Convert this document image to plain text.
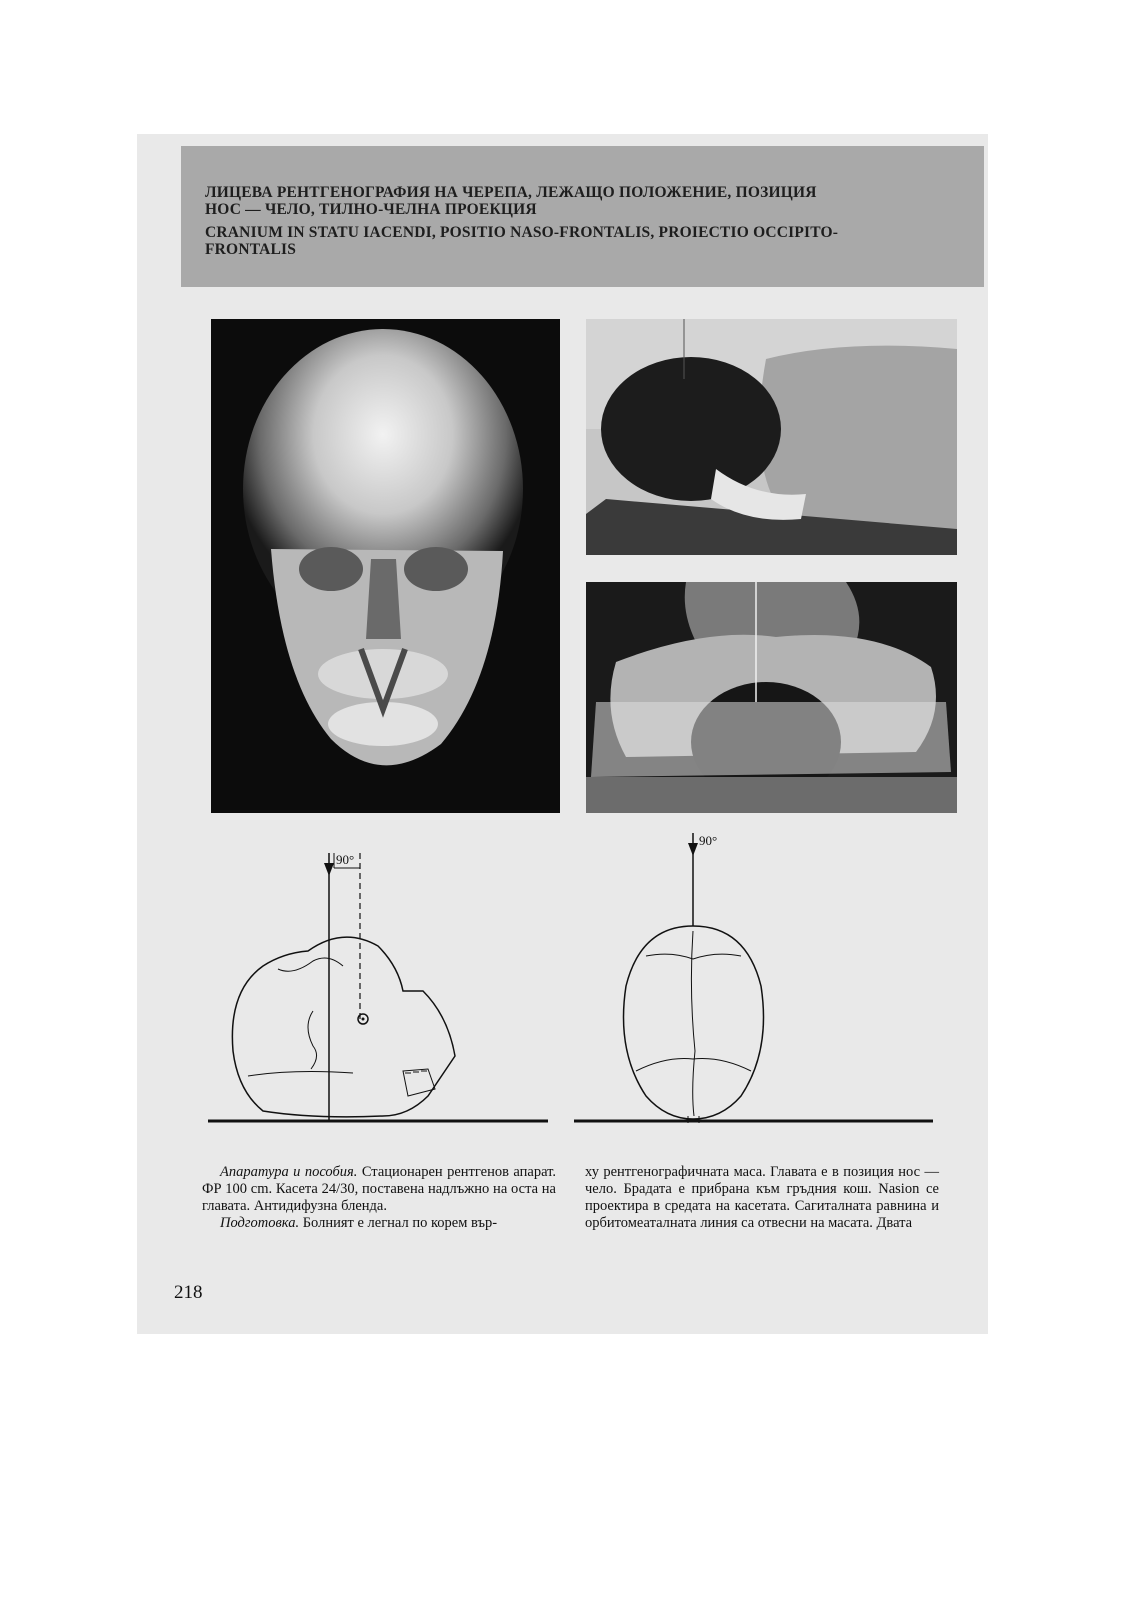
ЛИЦЕВА РЕНТГЕНОГРАФИЯ НА ЧЕРЕПА, ЛЕЖАЩО ПОЛОЖЕНИЕ, ПОЗИЦИЯ

НОС — ЧЕЛО, ТИЛНО-ЧЕЛНА ПРОЕКЦИЯ

CRANIUM IN STATU IACENDI, POSITIO NASO-FRONTALIS, PROIECTIO OCCIPITO-

FRONTALIS

90°
90°

Апаратура и пособия. Стационарен рентгенов апарат. ФР 100 cm. Касета 24/30, поставена надлъжно на оста на главата. Антидифузна бленда.

Подготовка. Болният е легнал по корем вър-

ху рентгенографичната маса. Главата е в позиция нос — чело. Брадата е прибрана към гръдния кош. Nasion се проектира в средата на касетата. Сагиталната равнина и орбитомеаталната линия са отвесни на масата. Двата

218
